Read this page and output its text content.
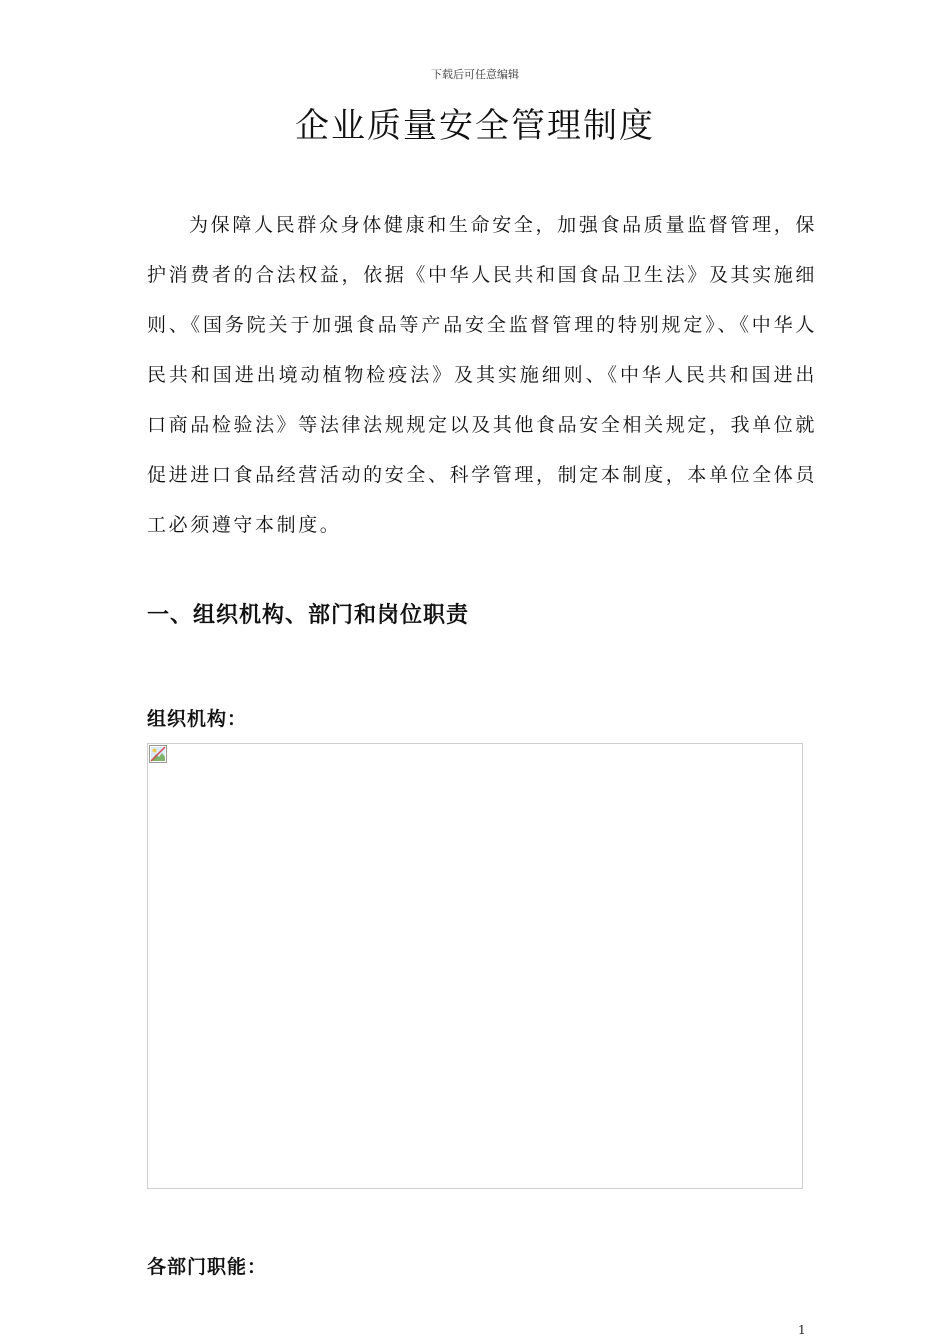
下载后可任意编辑
企业质量安全管理制度

为保障人民群众身体健康和生命安全，加强食品质量监督管理，保护消费者的合法权益，依据《中华人民共和国食品卫生法》及其实施细则、《国务院关于加强食品等产品安全监督管理的特别规定》、《中华人民共和国进出境动植物检疫法》及其实施细则、《中华人民共和国进出口商品检验法》等法律法规规定以及其他食品安全相关规定，我单位就促进进口食品经营活动的安全、科学管理，制定本制度，本单位全体员工必须遵守本制度。

一、组织机构、部门和岗位职责
组织机构：
各部门职能：
1
